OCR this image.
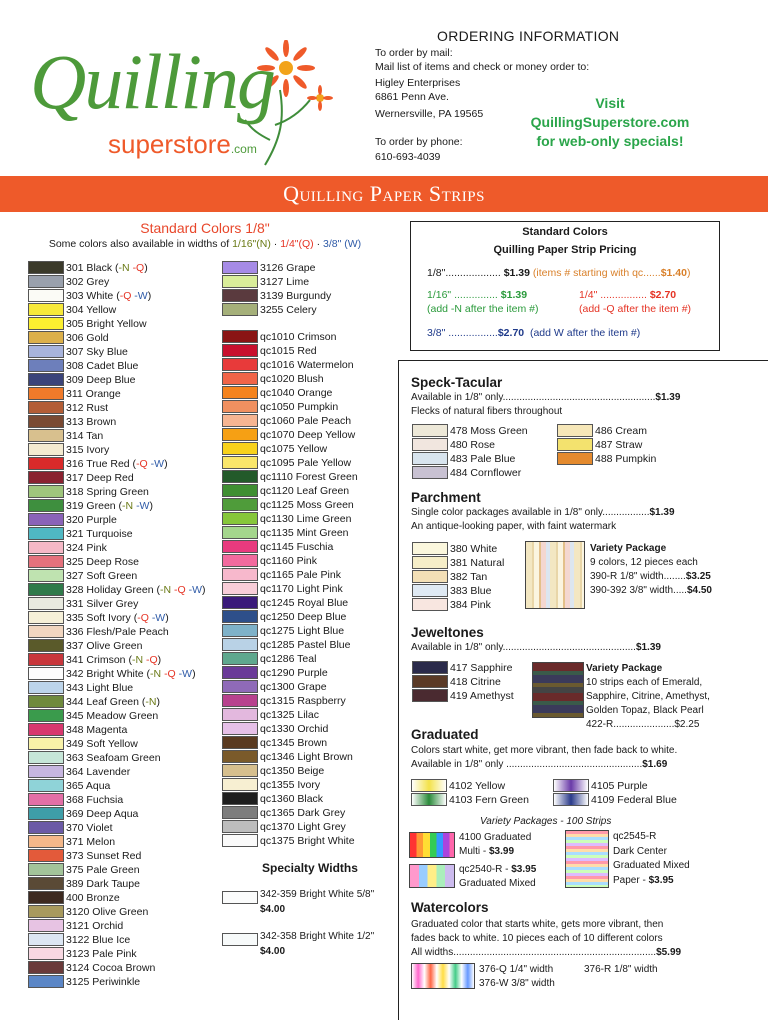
Quilling
superstore.com
ORDERING INFORMATION
To order by mail:
Mail list of items and check or money order to:
Higley Enterprises
6861 Penn Ave.
Wernersville, PA 19565
To order by phone:
610-693-4039
Visit
QuillingSuperstore.com
for web-only specials!
Quilling Paper Strips
Standard Colors 1/8"
Some colors also available in widths of 1/16"(N) · 1/4"(Q) · 3/8" (W)
301 Black (-N -Q)
302 Grey
303 White (-Q -W)
304 Yellow
305 Bright Yellow
306 Gold
307 Sky Blue
308 Cadet Blue
309 Deep Blue
311 Orange
312 Rust
313 Brown
314 Tan
315 Ivory
316 True Red (-Q -W)
317 Deep Red
318 Spring Green
319 Green (-N -W)
320 Purple
321 Turquoise
324 Pink
325 Deep Rose
327 Soft Green
328 Holiday Green (-N -Q -W)
331 Silver Grey
335 Soft Ivory (-Q -W)
336 Flesh/Pale Peach
337 Olive Green
341 Crimson (-N -Q)
342 Bright White (-N -Q -W)
343 Light Blue
344 Leaf Green (-N)
345 Meadow Green
348 Magenta
349 Soft Yellow
363 Seafoam Green
364 Lavender
365 Aqua
368 Fuchsia
369 Deep Aqua
370 Violet
371 Melon
373 Sunset Red
375 Pale Green
389 Dark Taupe
400 Bronze
3120 Olive Green
3121 Orchid
3122 Blue Ice
3123 Pale Pink
3124 Cocoa Brown
3125 Periwinkle
3126 Grape
3127 Lime
3139 Burgundy
3255 Celery
qc1010 Crimson
qc1015 Red
qc1016 Watermelon
qc1020 Blush
qc1040 Orange
qc1050 Pumpkin
qc1060 Pale Peach
qc1070 Deep Yellow
qc1075 Yellow
qc1095 Pale Yellow
qc1110 Forest Green
qc1120 Leaf Green
qc1125 Moss Green
qc1130 Lime Green
qc1135 Mint Green
qc1145 Fuschia
qc1160 Pink
qc1165 Pale Pink
qc1170 Light Pink
qc1245 Royal Blue
qc1250 Deep Blue
qc1275 Light Blue
qc1285 Pastel Blue
qc1286 Teal
qc1290 Purple
qc1300 Grape
qc1315 Raspberry
qc1325 Lilac
qc1330 Orchid
qc1345 Brown
qc1346 Light Brown
qc1350 Beige
qc1355 Ivory
qc1360 Black
qc1365 Dark Grey
qc1370 Light Grey
qc1375 Bright White
Specialty Widths
342-359 Bright White 5/8"
$4.00
342-358 Bright White 1/2"
$4.00
Standard Colors
Quilling Paper Strip Pricing
1/8"................... $1.39 (items # starting with qc......$1.40)
1/16" ............... $1.39	1/4" ................ $2.70
(add -N after the item #)	(add -Q after the item #)
3/8" .................$2.70 (add W after the item #)
Speck-Tacular
Available in 1/8" only.......................................................$1.39
Flecks of natural fibers throughout
478 Moss Green
480 Rose
483 Pale Blue
484 Cornflower
486 Cream
487 Straw
488 Pumpkin
Parchment
Single color packages available in 1/8" only.................$1.39
An antique-looking paper, with faint watermark
380 White
381 Natural
382 Tan
383 Blue
384 Pink
Variety Package
9 colors, 12 pieces each
390-R 1/8" width........$3.25
390-392 3/8" width.....$4.50
Jeweltones
Available in 1/8" only................................................$1.39
417 Sapphire
418 Citrine
419 Amethyst
Variety Package
10 strips each of Emerald,
Sapphire, Citrine, Amethyst,
Golden Topaz, Black Pearl
422-R......................$2.25
Graduated
Colors start white, get more vibrant, then fade back to white.
Available in 1/8" only .................................................$1.69
4102 Yellow
4103 Fern Green
4105 Purple
4109 Federal Blue
Variety Packages - 100 Strips
4100 Graduated
Multi - $3.99
qc2540-R - $3.95
Graduated Mixed
qc2545-R
Dark Center
Graduated Mixed
Paper - $3.95
Watercolors
Graduated color that starts white, gets more vibrant, then
fades back to white. 10 pieces each of 10 different colors
All widths.........................................................................$5.99
376-Q 1/4" width	376-R 1/8" width
376-W 3/8" width
